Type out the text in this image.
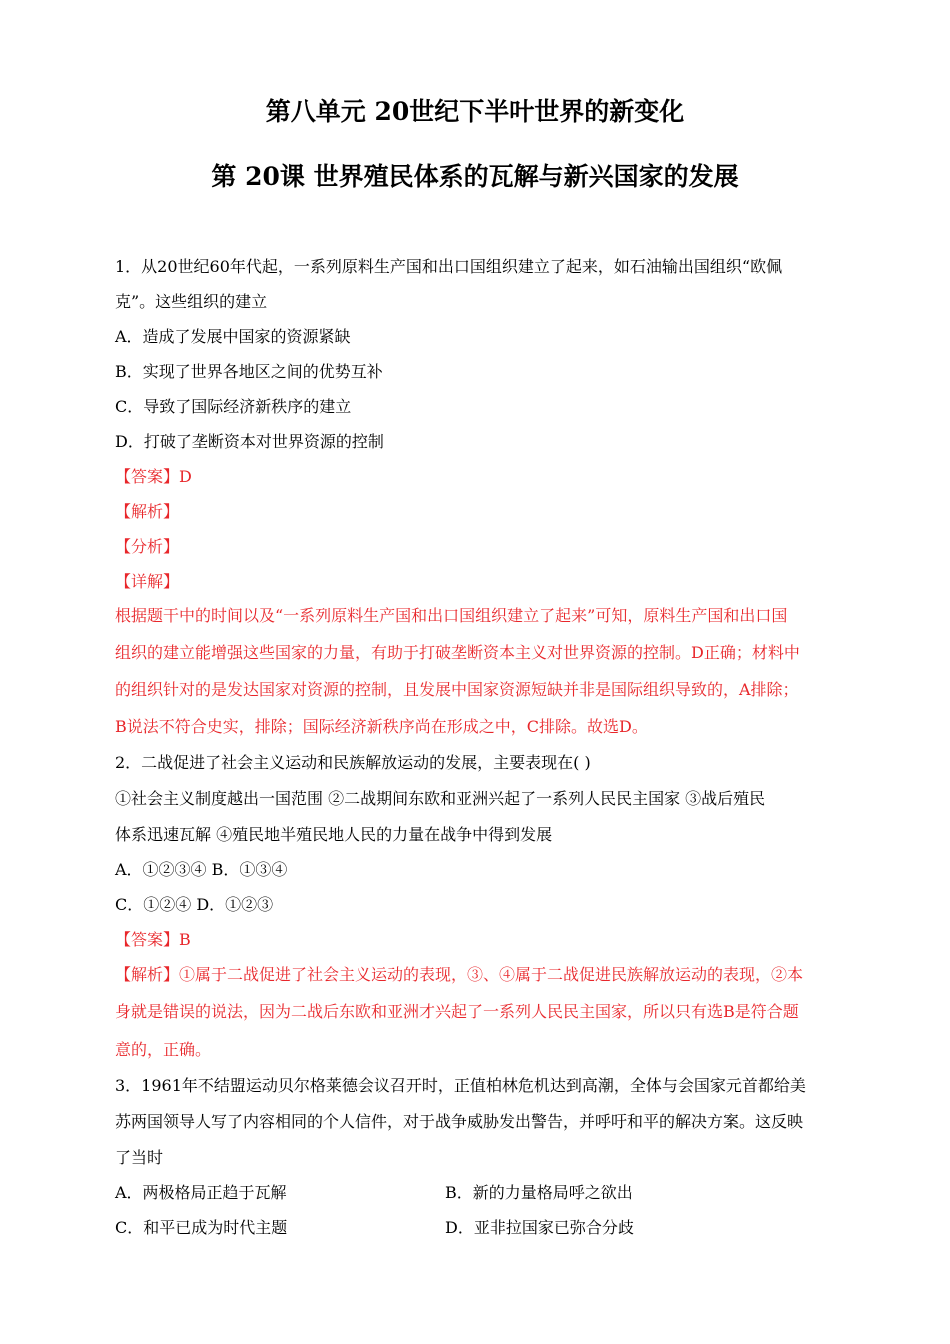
第八单元 20世纪下半叶世界的新变化
第 20课 世界殖民体系的瓦解与新兴国家的发展
1．从20世纪60年代起，一系列原料生产国和出口国组织建立了起来，如石油输出国组织“欧佩
克”。这些组织的建立
A．造成了发展中国家的资源紧缺
B．实现了世界各地区之间的优势互补
C．导致了国际经济新秩序的建立
D．打破了垄断资本对世界资源的控制
【答案】D
【解析】
【分析】
【详解】
根据题干中的时间以及“一系列原料生产国和出口国组织建立了起来”可知，原料生产国和出口国
组织的建立能增强这些国家的力量，有助于打破垄断资本主义对世界资源的控制。D正确；材料中
的组织针对的是发达国家对资源的控制，且发展中国家资源短缺并非是国际组织导致的，A排除；
B说法不符合史实，排除；国际经济新秩序尚在形成之中，C排除。故选D。
2．二战促进了社会主义运动和民族解放运动的发展，主要表现在( )
①社会主义制度越出一国范围 ②二战期间东欧和亚洲兴起了一系列人民民主国家 ③战后殖民
体系迅速瓦解 ④殖民地半殖民地人民的力量在战争中得到发展
A．①②③④ B．①③④
C．①②④ D．①②③
【答案】B
【解析】①属于二战促进了社会主义运动的表现，③、④属于二战促进民族解放运动的表现，②本
身就是错误的说法，因为二战后东欧和亚洲才兴起了一系列人民民主国家，所以只有选B是符合题
意的，正确。
3．1961年不结盟运动贝尔格莱德会议召开时，正值柏林危机达到高潮，全体与会国家元首都给美
苏两国领导人写了内容相同的个人信件，对于战争威胁发出警告，并呼吁和平的解决方案。这反映
了当时
A．两极格局正趋于瓦解	B．新的力量格局呼之欲出
C．和平已成为时代主题	D．亚非拉国家已弥合分歧
